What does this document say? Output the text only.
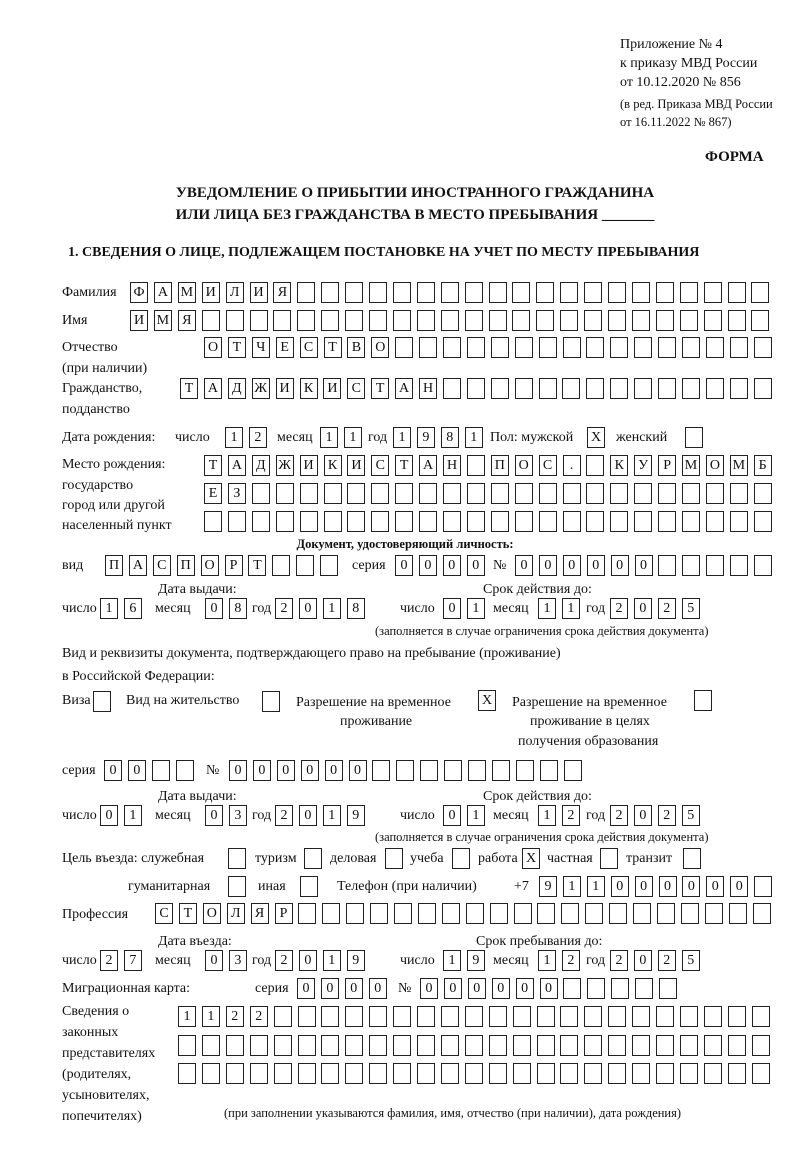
Приложение № 4
к приказу МВД России
от 10.12.2020 № 856
(в ред. Приказа МВД России
от 16.11.2022 № 867)
ФОРМА
УВЕДОМЛЕНИЕ О ПРИБЫТИИ ИНОСТРАННОГО ГРАЖДАНИНА
ИЛИ ЛИЦА БЕЗ ГРАЖДАНСТВА В МЕСТО ПРЕБЫВАНИЯ _______
1. СВЕДЕНИЯ О ЛИЦЕ, ПОДЛЕЖАЩЕМ ПОСТАНОВКЕ НА УЧЕТ ПО МЕСТУ ПРЕБЫВАНИЯ
Фамилия Ф А М И	Л	И	Я
Имя	И М Я
Отчество
(при наличии)
О	Т	Ч	Е	С	Т	В	О
Гражданство,
подданство
Т	А	Д Ж И	К	И	С	Т	А Н
Дата рождения: число	1	2	месяц 1	1 год 1	9	8	1 Пол: мужской X женский
Место рождения:
государство
город или другой
населенный пункт
Т	А	Д Ж И	К	И	С	Т	А Н	П О	С	.	К	У	Р М О М Б
Е	З
Документ, удостоверяющий личность:
вид П А	С	П О	Р	Т	серия	0	0	0	0 №	0	0	0	0	0	0
Дата выдачи:	Срок действия до:
число 1	6	месяц	0	8 год 2	0	1	8	число 0	1 месяц	1	1 год 2	0	2	5
(заполняется в случае ограничения срока действия документа)
Вид и реквизиты документа, подтверждающего право на пребывание (проживание)
в Российской Федерации:
Виза	Вид на жительство	Разрешение на временное
проживание
X Разрешение на временное
проживание в целях
получения образования
серия 0	0	№	0	0	0	0	0	0
Дата выдачи:	Срок действия до:
число 0	1	месяц	0	3 год 2	0	1	9	число 0	1 месяц	1	2 год 2	0	2	5
(заполняется в случае ограничения срока действия документа)
Цель въезда: служебная	туризм деловая учеба работа X частная транзит
гуманитарная	иная	Телефон (при наличии)	+7	9	1	1	0	0	0	0	0	0
Профессия	С	Т	О	Л	Я	Р
Дата въезда:	Срок пребывания до:
число 2	7	месяц	0	3 год 2	0	1	9	число 1	9 месяц	1	2 год 2	0	2	5
Миграционная карта:	серия 0	0	0	0	№	0	0	0	0	0	0
Сведения о
законных
представителях
(родителях,
усыновителях,
попечителях)
1	1	2	2
(при заполнении указываются фамилия, имя, отчество (при наличии), дата рождения)
